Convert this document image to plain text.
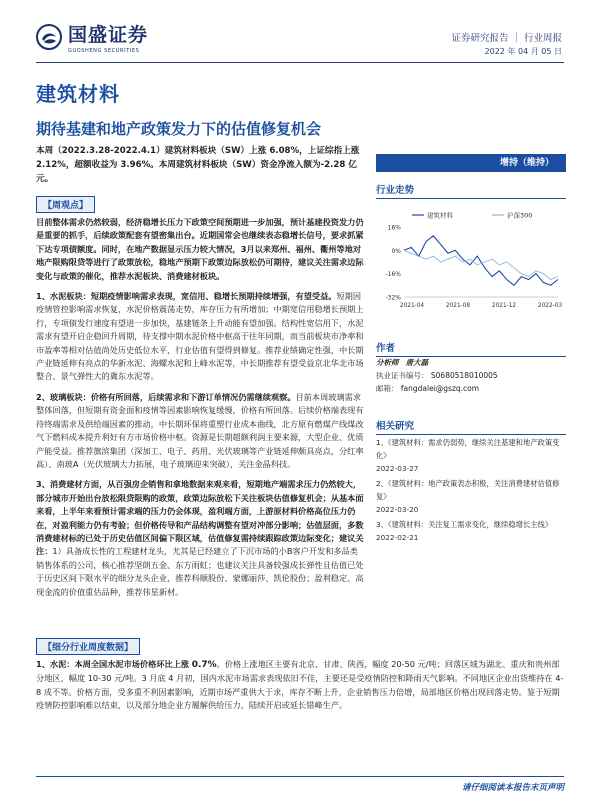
国盛证券
GUOSHENG SECURITIES
证券研究报告 ｜ 行业周报
2022 年 04 月 05 日
建筑材料
期待基建和地产政策发力下的估值修复机会
本周（2022.3.28-2022.4.1）建筑材料板块（SW）上涨 6.08%，上证综指上涨 2.12%，超额收益为 3.96%。本周建筑材料板块（SW）资金净流入额为-2.28 亿元。
增持（维持）
行业走势
16%
0%
-16%
-32%
2021-04	2021-08	2021-12	2022-03
建筑材料	沪深300
作者
分析师 唐大磊
执业证书编号： S0680518010005
邮箱： fangdalei@gszq.com
相关研究
1、《建筑材料：需求仍弱势，继续关注基建和地产政策变化》
2022-03-27
2、《建筑材料：地产政策表态积极，关注消费建材估值修复》
2022-03-20
3、《建筑材料：关注复工需求变化，继续稳增长主线》
2022-02-21
【周观点】
目前整体需求仍然较弱，经济稳增长压力下政策空间预期进一步加强，预计基建投资发力仍是重要的抓手，后续政策配套有望密集出台。近期国常会也继续表态稳增长信号，要求抓紧下达专项债额度。同时，在地产数据显示压力较大情况，3月以来郑州、福州、衢州等地对地产限购限贷等进行了政策放松，稳地产预期下政策边际放松仍可期待，建议关注需求边际变化与政策的催化，推荐水泥板块、消费建材板块。
1、水泥板块：短期疫情影响需求表现，宽信用、稳增长预期持续增强，有望受益。短期因疫情管控影响需求恢复，水泥价格震荡走势，库存压力有所增加；中期宽信用稳增长预期上行，专项债发行速度有望进一步加快，基建链条上升动能有望加强。结构性宽信用下，水泥需求有望开启企稳回升周期，待支撑中期水泥价格中枢高于往年同期，而当前板块市净率和市盈率等相对估值尚处历史低位水平，行业估值有望得到修复。推荐业绩确定性强，中长期产业链延伸有亮点的华新水泥、海螺水泥和上峰水泥等，中长期推荐有望受益京北华北市场整合、景气弹性大的冀东水泥等。
2、玻璃板块：价格有所回落，后续需求和下游订单情况仍需继续观察。目前本周玻璃需求整体回落，但短期有资金面和疫情等因素影响恢复缓慢，价格有所回落。后续价格端表现有待终端需求及供给端因素的推动，中长期环保将重塑行业成本曲线，北方原有燃煤产线煤改气下燃料成本提升利好有方市场价格中枢。资源是长期超额利润主要来源，大型企业、优质产能受益。推荐旗滨集团（深加工、电子、药用、光伏玻璃等产业链延伸颇具亮点，分红率高）、南玻A（光伏玻璃大力拓展，电子玻璃迎来突破），关注金晶科技。
3、消费建材方面，从百强房企销售和拿地数据来观来看，短期地产端需求压力仍然较大，部分城市开始出台放松限贷限购的政策，政策边际放松下关注板块估值修复机会；从基本面来看，上半年来看预计需求端的压力仍会体现，盈利端方面，上游原材料价格高位压力仍在，对盈利能力仍有考验；但价格传导和产品结构调整有望对冲部分影响；估值层面，多数消费建材标的已处于历史估值区间偏下限区域，估值修复需持续跟踪政策边际变化；建议关注：1）具备成长性的工程建材龙头，尤其是已经建立了下沉市场的小B客户开发和多品类销售体系的公司，核心推荐坚朗五金、东方雨虹；也建议关注具备较强成长弹性且估值已处于历史区间下限水平的细分龙头企业，推荐科顺股份、蒙娜丽莎、凯伦股份；盈利稳定、高现金流的价值重估品种，推荐伟星新材。
【细分行业周度数据】
1、水泥：本周全国水泥市场价格环比上涨 0.7%。价格上涨地区主要有北京、甘肃、陕西，幅度 20-50 元/吨；回落区域为湖北、重庆和贵州部分地区，幅度 10-30 元/吨。3 月底 4 月初，国内水泥市场需求表现依旧不佳，主要还是受疫情防控和降雨天气影响。不同地区企业出货维持在 4-8 成不等。价格方面，受多重不利因素影响，近期市场严重供大于求，库存不断上升，企业销售压力倍增，局部地区价格出现回落走势。鉴于短期疫情防控影响难以结束，以及部分地企业方履解供给压力，陆续开启或延长错峰生产。
请仔细阅读本报告末页声明
